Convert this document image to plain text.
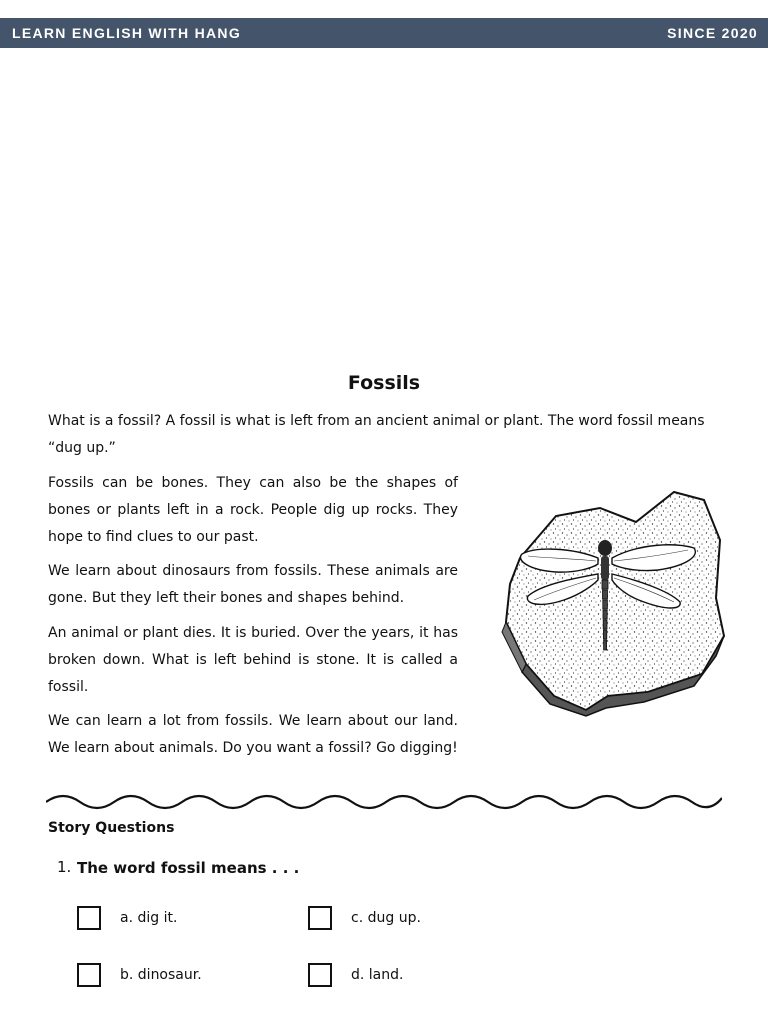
LEARN ENGLISH WITH HANG	SINCE 2020
Fossils

What is a fossil? A fossil is what is left from an ancient animal or plant. The word fossil means “dug up.”

Fossils can be bones. They can also be the shapes of bones or plants left in a rock. People dig up rocks. They hope to find clues to our past.

We learn about dinosaurs from fossils. These animals are gone. But they left their bones and shapes behind.

An animal or plant dies. It is buried. Over the years, it has broken down. What is left behind is stone. It is called a fossil.

We can learn a lot from fossils. We learn about our land. We learn about animals. Do you want a fossil? Go digging!

Story Questions
1. The word fossil means . . .
a. dig it.	c. dug up.
b. dinosaur.	d. land.
